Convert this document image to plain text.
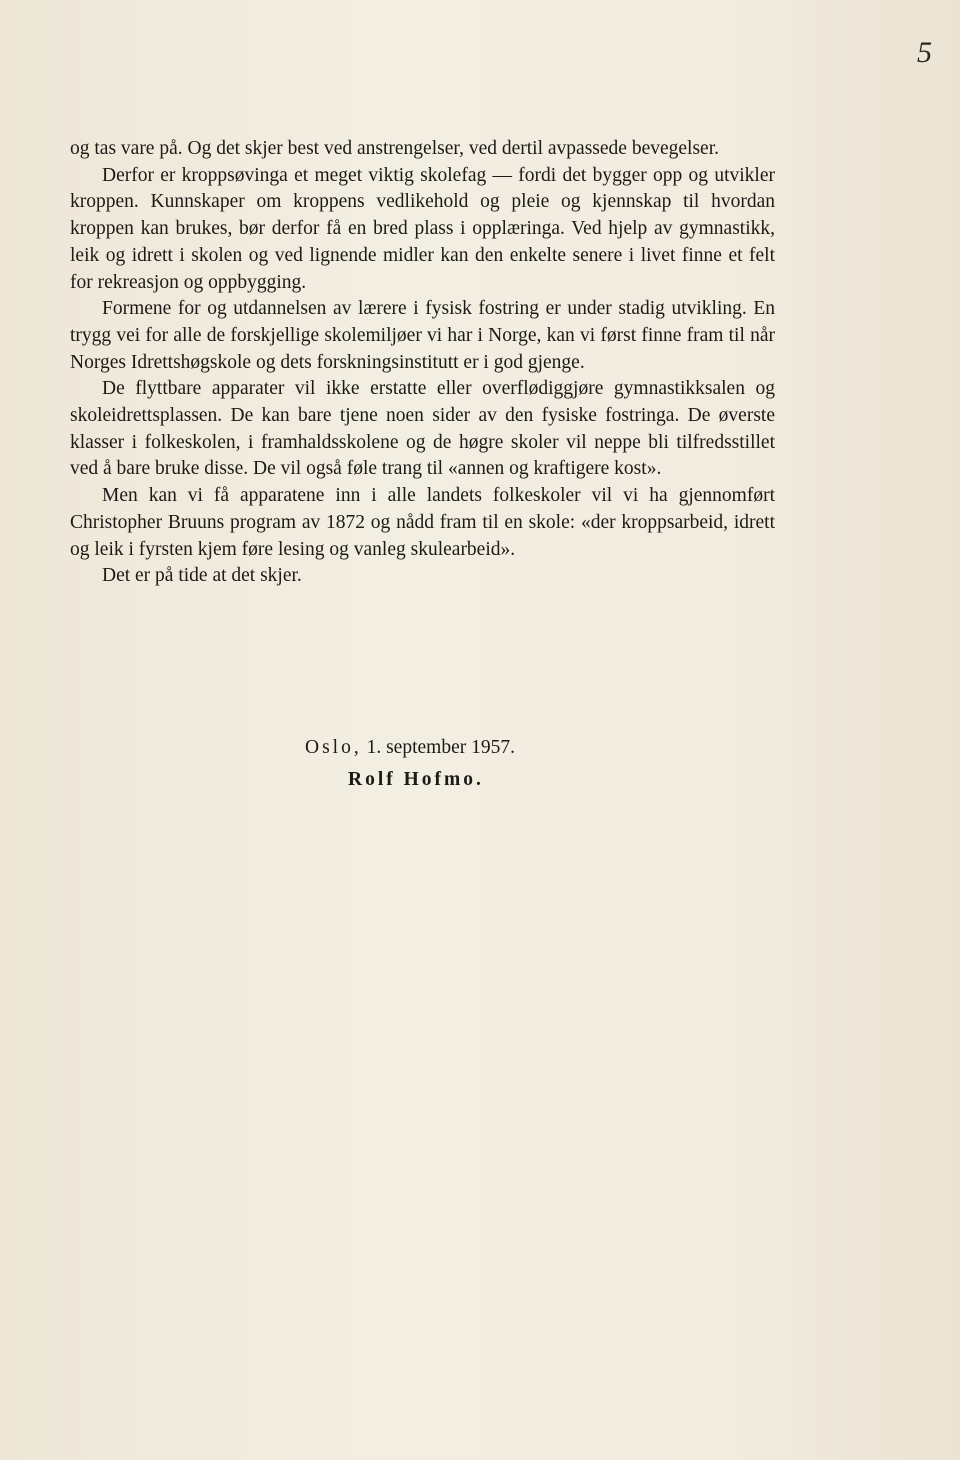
5

og tas vare på. Og det skjer best ved anstrengelser, ved dertil avpassede bevegelser.

Derfor er kroppsøvinga et meget viktig skolefag — fordi det bygger opp og utvikler kroppen. Kunnskaper om kroppens vedlikehold og pleie og kjennskap til hvordan kroppen kan brukes, bør derfor få en bred plass i opplæringa. Ved hjelp av gymnastikk, leik og idrett i skolen og ved lignende midler kan den enkelte senere i livet finne et felt for rekreasjon og oppbygging.

Formene for og utdannelsen av lærere i fysisk fostring er under stadig utvikling. En trygg vei for alle de forskjellige skolemiljøer vi har i Norge, kan vi først finne fram til når Norges Idrettshøgskole og dets forskningsinstitutt er i god gjenge.

De flyttbare apparater vil ikke erstatte eller overflødiggjøre gymnastikksalen og skoleidrettsplassen. De kan bare tjene noen sider av den fysiske fostringa. De øverste klasser i folkeskolen, i framhaldsskolene og de høgre skoler vil neppe bli tilfredsstillet ved å bare bruke disse. De vil også føle trang til «annen og kraftigere kost».

Men kan vi få apparatene inn i alle landets folkeskoler vil vi ha gjennomført Christopher Bruuns program av 1872 og nådd fram til en skole: «der kroppsarbeid, idrett og leik i fyrsten kjem føre lesing og vanleg skulearbeid».

Det er på tide at det skjer.

Oslo, 1. september 1957.
Rolf Hofmo.
